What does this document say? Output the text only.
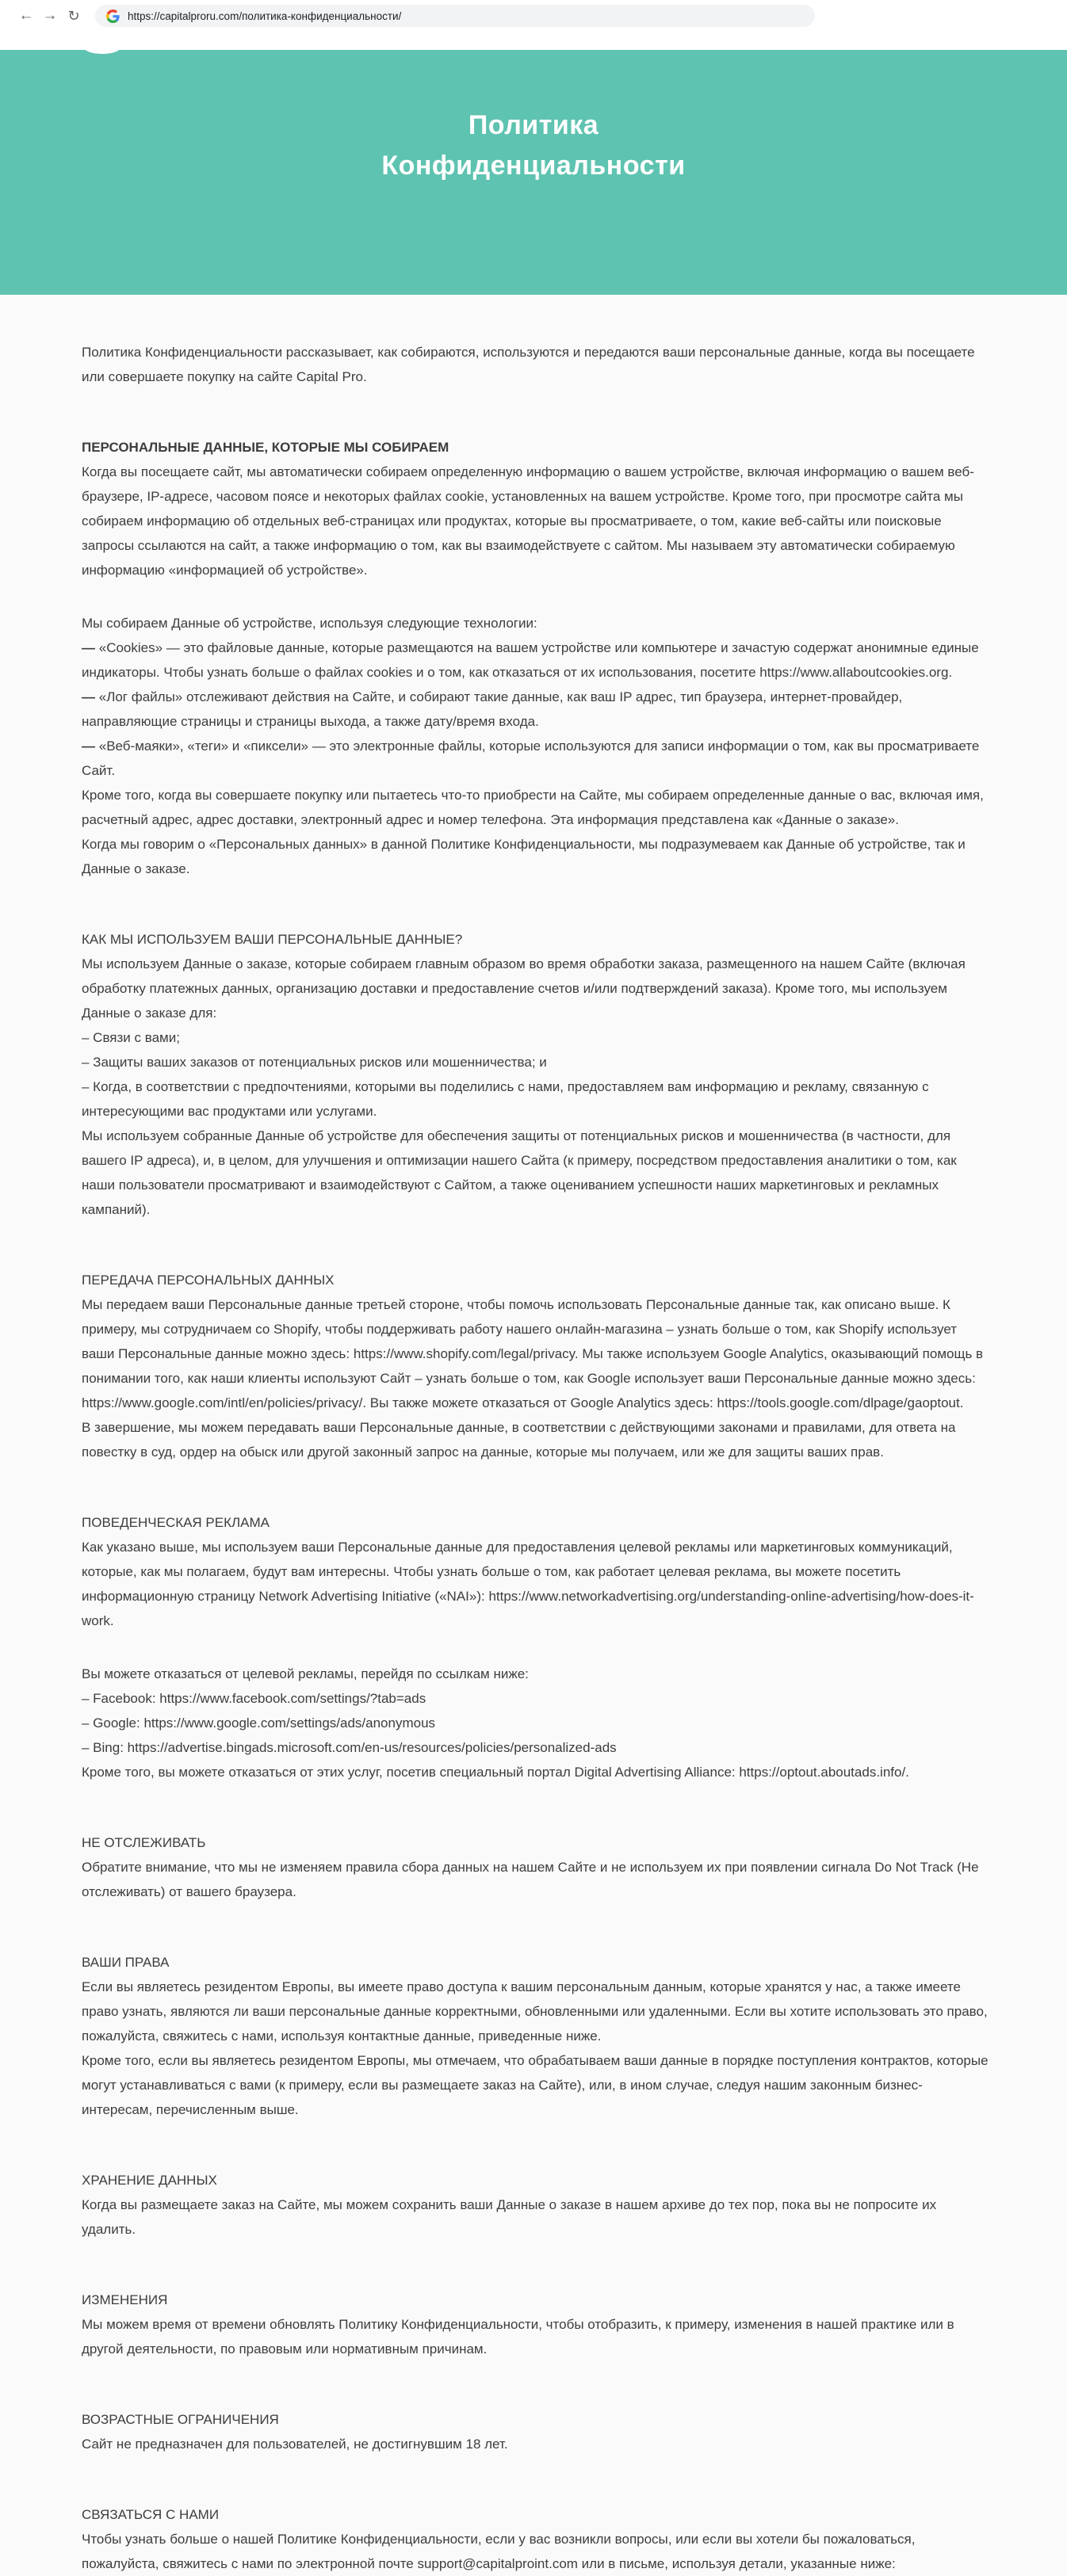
← → ↻	https://capitalproru.com/политика-конфиденциальности/
Политика
Конфиденциальности

Политика Конфиденциальности рассказывает, как собираются, используются и передаются ваши персональные данные, когда вы посещаете или совершаете покупку на сайте Capital Pro.

ПЕРСОНАЛЬНЫЕ ДАННЫЕ, КОТОРЫЕ МЫ СОБИРАЕМ

Когда вы посещаете сайт, мы автоматически собираем определенную информацию о вашем устройстве, включая информацию о вашем веб-браузере, IP-адресе, часовом поясе и некоторых файлах cookie, установленных на вашем устройстве. Кроме того, при просмотре сайта мы собираем информацию об отдельных веб-страницах или продуктах, которые вы просматриваете, о том, какие веб-сайты или поисковые запросы ссылаются на сайт, а также информацию о том, как вы взаимодействуете с сайтом. Мы называем эту автоматически собираемую информацию «информацией об устройстве».

Мы собираем Данные об устройстве, используя следующие технологии:
— «Cookies» — это файловые данные, которые размещаются на вашем устройстве или компьютере и зачастую содержат анонимные единые индикаторы. Чтобы узнать больше о файлах cookies и о том, как отказаться от их использования, посетите https://www.allaboutcookies.org.
— «Лог файлы» отслеживают действия на Сайте, и собирают такие данные, как ваш IP адрес, тип браузера, интернет-провайдер, направляющие страницы и страницы выхода, а также дату/время входа.
— «Веб-маяки», «теги» и «пиксели» — это электронные файлы, которые используются для записи информации о том, как вы просматриваете Сайт.

Кроме того, когда вы совершаете покупку или пытаетесь что-то приобрести на Сайте, мы собираем определенные данные о вас, включая имя, расчетный адрес, адрес доставки, электронный адрес и номер телефона. Эта информация представлена как «Данные о заказе».

Когда мы говорим о «Персональных данных» в данной Политике Конфиденциальности, мы подразумеваем как Данные об устройстве, так и Данные о заказе.

КАК МЫ ИСПОЛЬЗУЕМ ВАШИ ПЕРСОНАЛЬНЫЕ ДАННЫЕ?

Мы используем Данные о заказе, которые собираем главным образом во время обработки заказа, размещенного на нашем Сайте (включая обработку платежных данных, организацию доставки и предоставление счетов и/или подтверждений заказа). Кроме того, мы используем Данные о заказе для:

– Связи с вами;
– Защиты ваших заказов от потенциальных рисков или мошенничества; и
– Когда, в соответствии с предпочтениями, которыми вы поделились с нами, предоставляем вам информацию и рекламу, связанную с интересующими вас продуктами или услугами.

Мы используем собранные Данные об устройстве для обеспечения защиты от потенциальных рисков и мошенничества (в частности, для вашего IP адреса), и, в целом, для улучшения и оптимизации нашего Сайта (к примеру, посредством предоставления аналитики о том, как наши пользователи просматривают и взаимодействуют с Сайтом, а также оцениванием успешности наших маркетинговых и рекламных кампаний).

ПЕРЕДАЧА ПЕРСОНАЛЬНЫХ ДАННЫХ

Мы передаем ваши Персональные данные третьей стороне, чтобы помочь использовать Персональные данные так, как описано выше. К примеру, мы сотрудничаем со Shopify, чтобы поддерживать работу нашего онлайн-магазина – узнать больше о том, как Shopify использует ваши Персональные данные можно здесь: https://www.shopify.com/legal/privacy. Мы также используем Google Analytics, оказывающий помощь в понимании того, как наши клиенты используют Сайт – узнать больше о том, как Google использует ваши Персональные данные можно здесь: https://www.google.com/intl/en/policies/privacy/. Вы также можете отказаться от Google Analytics здесь: https://tools.google.com/dlpage/gaoptout.

В завершение, мы можем передавать ваши Персональные данные, в соответствии с действующими законами и правилами, для ответа на повестку в суд, ордер на обыск или другой законный запрос на данные, которые мы получаем, или же для защиты ваших прав.

ПОВЕДЕНЧЕСКАЯ РЕКЛАМА

Как указано выше, мы используем ваши Персональные данные для предоставления целевой рекламы или маркетинговых коммуникаций, которые, как мы полагаем, будут вам интересны. Чтобы узнать больше о том, как работает целевая реклама, вы можете посетить информационную страницу Network Advertising Initiative («NAI»): https://www.networkadvertising.org/understanding-online-advertising/how-does-it-work.

Вы можете отказаться от целевой рекламы, перейдя по ссылкам ниже:
– Facebook: https://www.facebook.com/settings/?tab=ads
– Google: https://www.google.com/settings/ads/anonymous
– Bing: https://advertise.bingads.microsoft.com/en-us/resources/policies/personalized-ads

Кроме того, вы можете отказаться от этих услуг, посетив специальный портал Digital Advertising Alliance: https://optout.aboutads.info/.

НЕ ОТСЛЕЖИВАТЬ

Обратите внимание, что мы не изменяем правила сбора данных на нашем Сайте и не используем их при появлении сигнала Do Not Track (Не отслеживать) от вашего браузера.

ВАШИ ПРАВА

Если вы являетесь резидентом Европы, вы имеете право доступа к вашим персональным данным, которые хранятся у нас, а также имеете право узнать, являются ли ваши персональные данные корректными, обновленными или удаленными. Если вы хотите использовать это право, пожалуйста, свяжитесь с нами, используя контактные данные, приведенные ниже.

Кроме того, если вы являетесь резидентом Европы, мы отмечаем, что обрабатываем ваши данные в порядке поступления контрактов, которые могут устанавливаться с вами (к примеру, если вы размещаете заказ на Сайте), или, в ином случае, следуя нашим законным бизнес-интересам, перечисленным выше.

ХРАНЕНИЕ ДАННЫХ

Когда вы размещаете заказ на Сайте, мы можем сохранить ваши Данные о заказе в нашем архиве до тех пор, пока вы не попросите их удалить.

ИЗМЕНЕНИЯ

Мы можем время от времени обновлять Политику Конфиденциальности, чтобы отобразить, к примеру, изменения в нашей практике или в другой деятельности, по правовым или нормативным причинам.

ВОЗРАСТНЫЕ ОГРАНИЧЕНИЯ

Сайт не предназначен для пользователей, не достигнувшим 18 лет.

СВЯЗАТЬСЯ С НАМИ

Чтобы узнать больше о нашей Политике Конфиденциальности, если у вас возникли вопросы, или если вы хотели бы пожаловаться, пожалуйста, свяжитесь с нами по электронной почте support@capitalproint.com или в письме, используя детали, указанные ниже:
